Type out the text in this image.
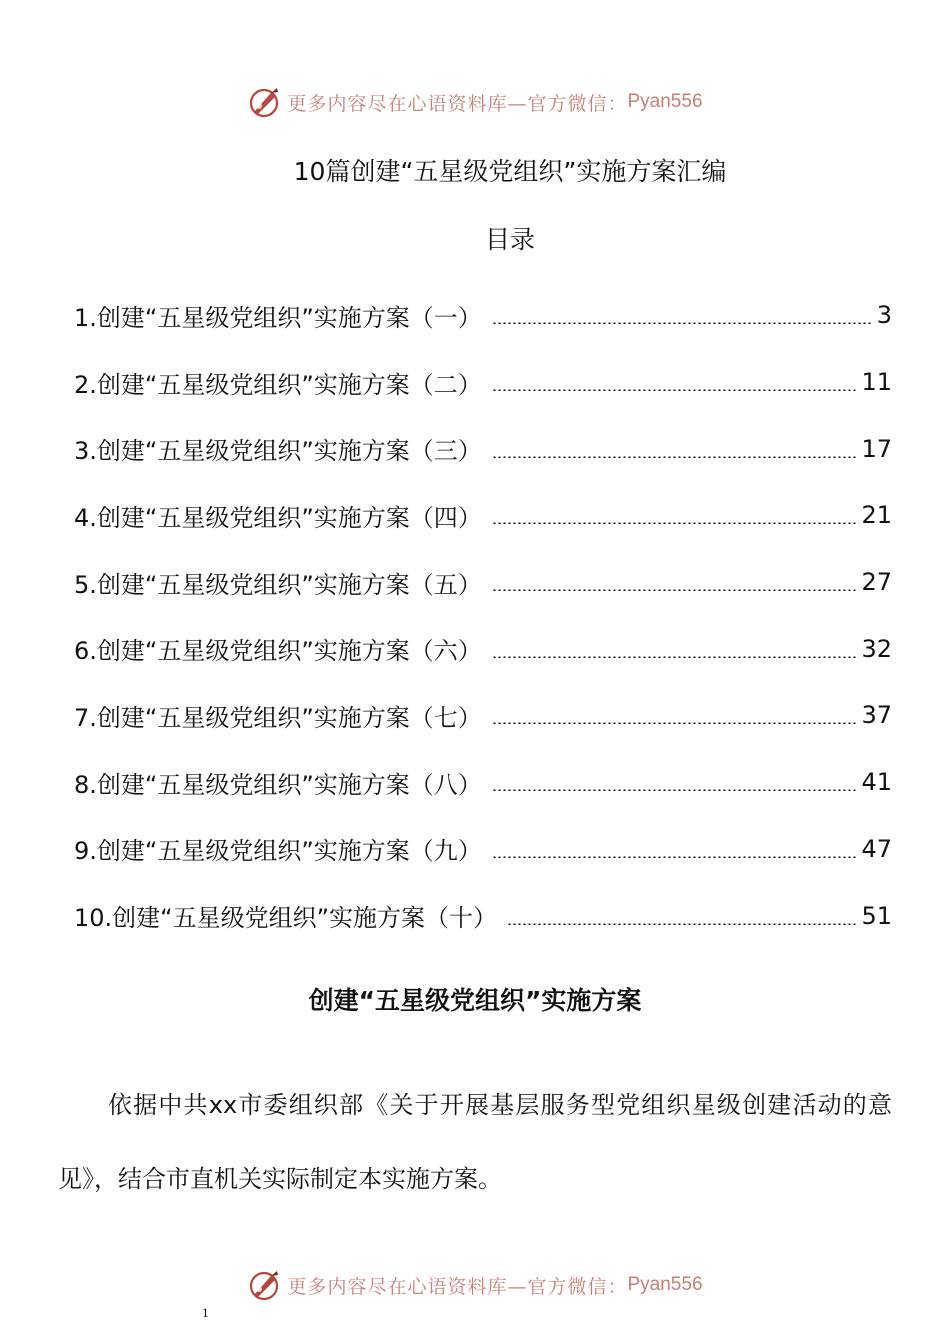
更多内容尽在心语资料库—官方微信： Pyan556
10篇创建“五星级党组织”实施方案汇编
目录
1.创建“五星级党组织”实施方案（一）	3
2.创建“五星级党组织”实施方案（二）	11
3.创建“五星级党组织”实施方案（三）	17
4.创建“五星级党组织”实施方案（四）	21
5.创建“五星级党组织”实施方案（五）	27
6.创建“五星级党组织”实施方案（六）	32
7.创建“五星级党组织”实施方案（七）	37
8.创建“五星级党组织”实施方案（八）	41
9.创建“五星级党组织”实施方案（九）	47
10.创建“五星级党组织”实施方案（十）	51
创建“五星级党组织”实施方案

依据中共xx市委组织部《关于开展基层服务型党组织星级创建活动的意见》，结合市直机关实际制定本实施方案。

更多内容尽在心语资料库—官方微信： Pyan556
1
